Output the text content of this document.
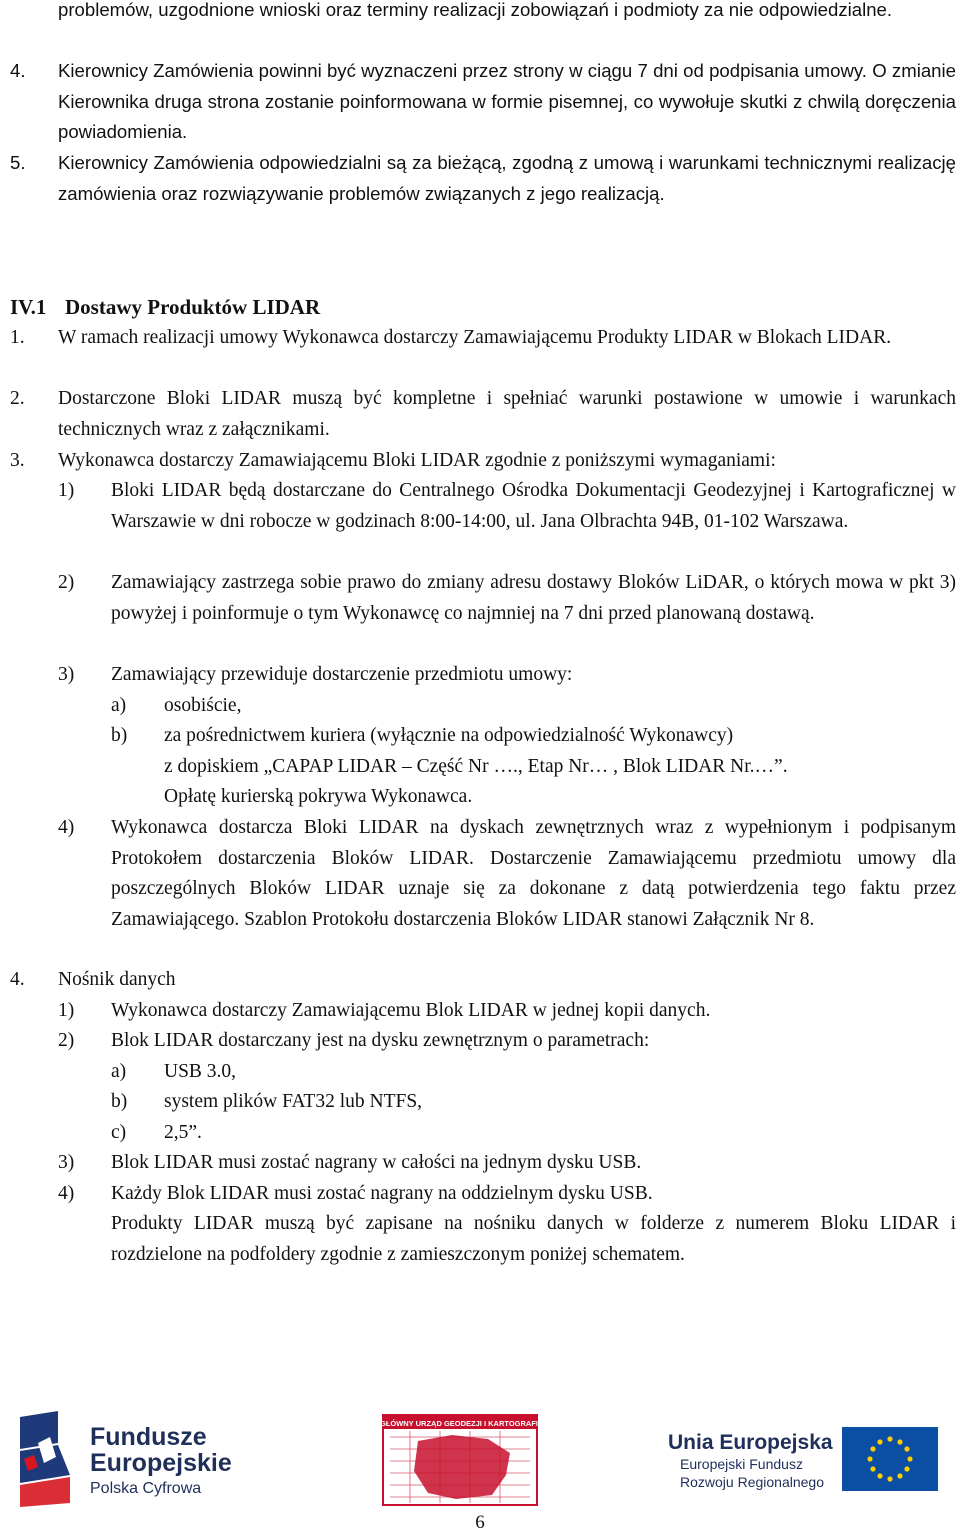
problemów, uzgodnione wnioski oraz terminy realizacji zobowiązań i podmioty za nie odpowiedzialne.
4.	Kierownicy Zamówienia powinni być wyznaczeni przez strony w ciągu 7 dni od podpisania umowy. O zmianie Kierownika druga strona zostanie poinformowana w formie pisemnej, co wywołuje skutki z chwilą doręczenia powiadomienia.
5.	Kierownicy Zamówienia odpowiedzialni są za bieżącą, zgodną z umową i warunkami technicznymi realizację zamówienia oraz rozwiązywanie problemów związanych z jego realizacją.
IV.1 Dostawy Produktów LIDAR
1.	W ramach realizacji umowy Wykonawca dostarczy Zamawiającemu Produkty LIDAR w Blokach LIDAR.
2.	Dostarczone Bloki LIDAR muszą być kompletne i spełniać warunki postawione w umowie i warunkach technicznych wraz z załącznikami.
3.	Wykonawca dostarczy Zamawiającemu Bloki LIDAR zgodnie z poniższymi wymaganiami:
1)	Bloki LIDAR będą dostarczane do Centralnego Ośrodka Dokumentacji Geodezyjnej i Kartograficznej w Warszawie w dni robocze w godzinach 8:00-14:00, ul. Jana Olbrachta 94B, 01-102 Warszawa.
2)	Zamawiający zastrzega sobie prawo do zmiany adresu dostawy Bloków LiDAR, o których mowa w pkt 3) powyżej i poinformuje o tym Wykonawcę co najmniej na 7 dni przed planowaną dostawą.
3)	Zamawiający przewiduje dostarczenie przedmiotu umowy:
a)	osobiście,
b)	za pośrednictwem kuriera (wyłącznie na odpowiedzialność Wykonawcy)
z dopiskiem „CAPAP LIDAR – Część Nr …., Etap Nr… , Blok LIDAR Nr.…”.
Opłatę kurierską pokrywa Wykonawca.
4)	Wykonawca dostarcza Bloki LIDAR na dyskach zewnętrznych wraz z wypełnionym i podpisanym Protokołem dostarczenia Bloków LIDAR. Dostarczenie Zamawiającemu przedmiotu umowy dla poszczególnych Bloków LIDAR uznaje się za dokonane z datą potwierdzenia tego faktu przez Zamawiającego. Szablon Protokołu dostarczenia Bloków LIDAR stanowi Załącznik Nr 8.
4.	Nośnik danych
1)	Wykonawca dostarczy Zamawiającemu Blok LIDAR w jednej kopii danych.
2)	Blok LIDAR dostarczany jest na dysku zewnętrznym o parametrach:
a)	USB 3.0,
b)	system plików FAT32 lub NTFS,
c)	2,5”.
3)	Blok LIDAR musi zostać nagrany w całości na jednym dysku USB.
4)	Każdy Blok LIDAR musi zostać nagrany na oddzielnym dysku USB.
Produkty LIDAR muszą być zapisane na nośniku danych w folderze z numerem Bloku LIDAR i rozdzielone na podfoldery zgodnie z zamieszczonym poniżej schematem.
Fundusze
Europejskie
Polska Cyfrowa
GŁÓWNY URZĄD GEODEZJI I KARTOGRAFII
Unia Europejska
Europejski Fundusz
Rozwoju Regionalnego
6
